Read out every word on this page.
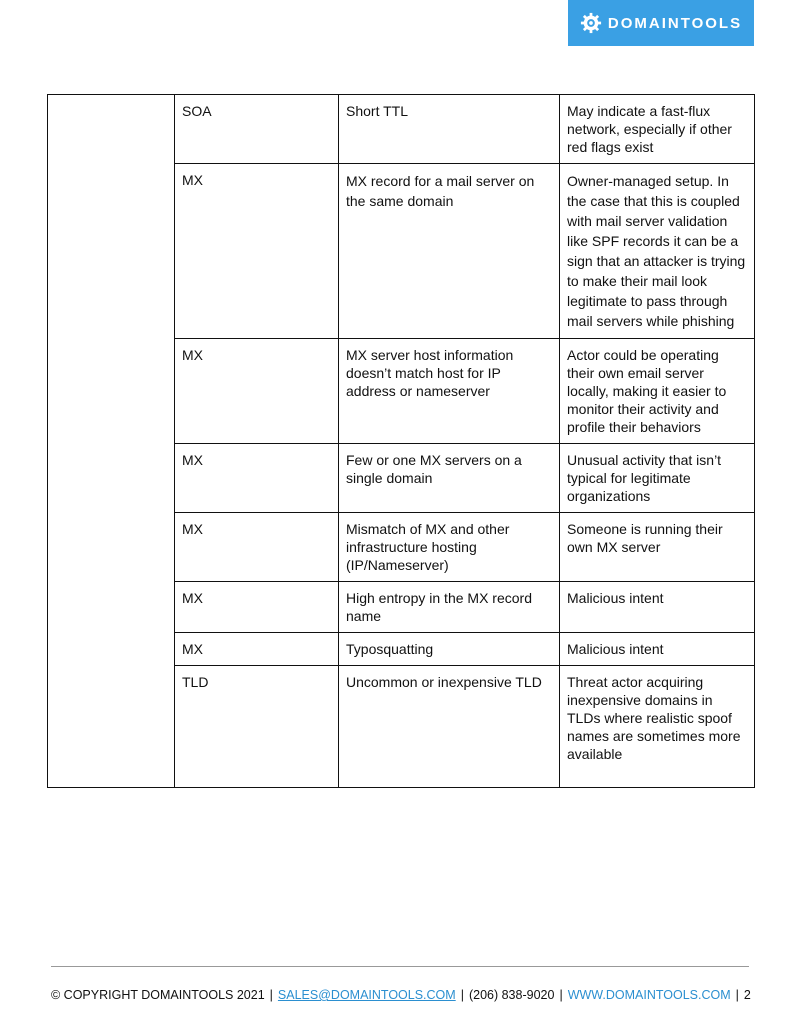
DOMAINTOOLS
	SOA	Short TTL	May indicate a fast-flux network, especially if other red flags exist
	MX	MX record for a mail server on the same domain	Owner-managed setup. In the case that this is coupled with mail server validation like SPF records it can be a sign that an attacker is trying to make their mail look legitimate to pass through mail servers while phishing
	MX	MX server host information doesn’t match host for IP address or nameserver	Actor could be operating their own email server locally, making it easier to monitor their activity and profile their behaviors
	MX	Few or one MX servers on a single domain	Unusual activity that isn’t typical for legitimate organizations
	MX	Mismatch of MX and other infrastructure hosting (IP/Nameserver)	Someone is running their own MX server
	MX	High entropy in the MX record name	Malicious intent
	MX	Typosquatting	Malicious intent
	TLD	Uncommon or inexpensive TLD	Threat actor acquiring inexpensive domains in TLDs where realistic spoof names are sometimes more available
© COPYRIGHT DOMAINTOOLS 2021 | SALES@DOMAINTOOLS.COM | (206) 838-9020 | WWW.DOMAINTOOLS.COM | 2
